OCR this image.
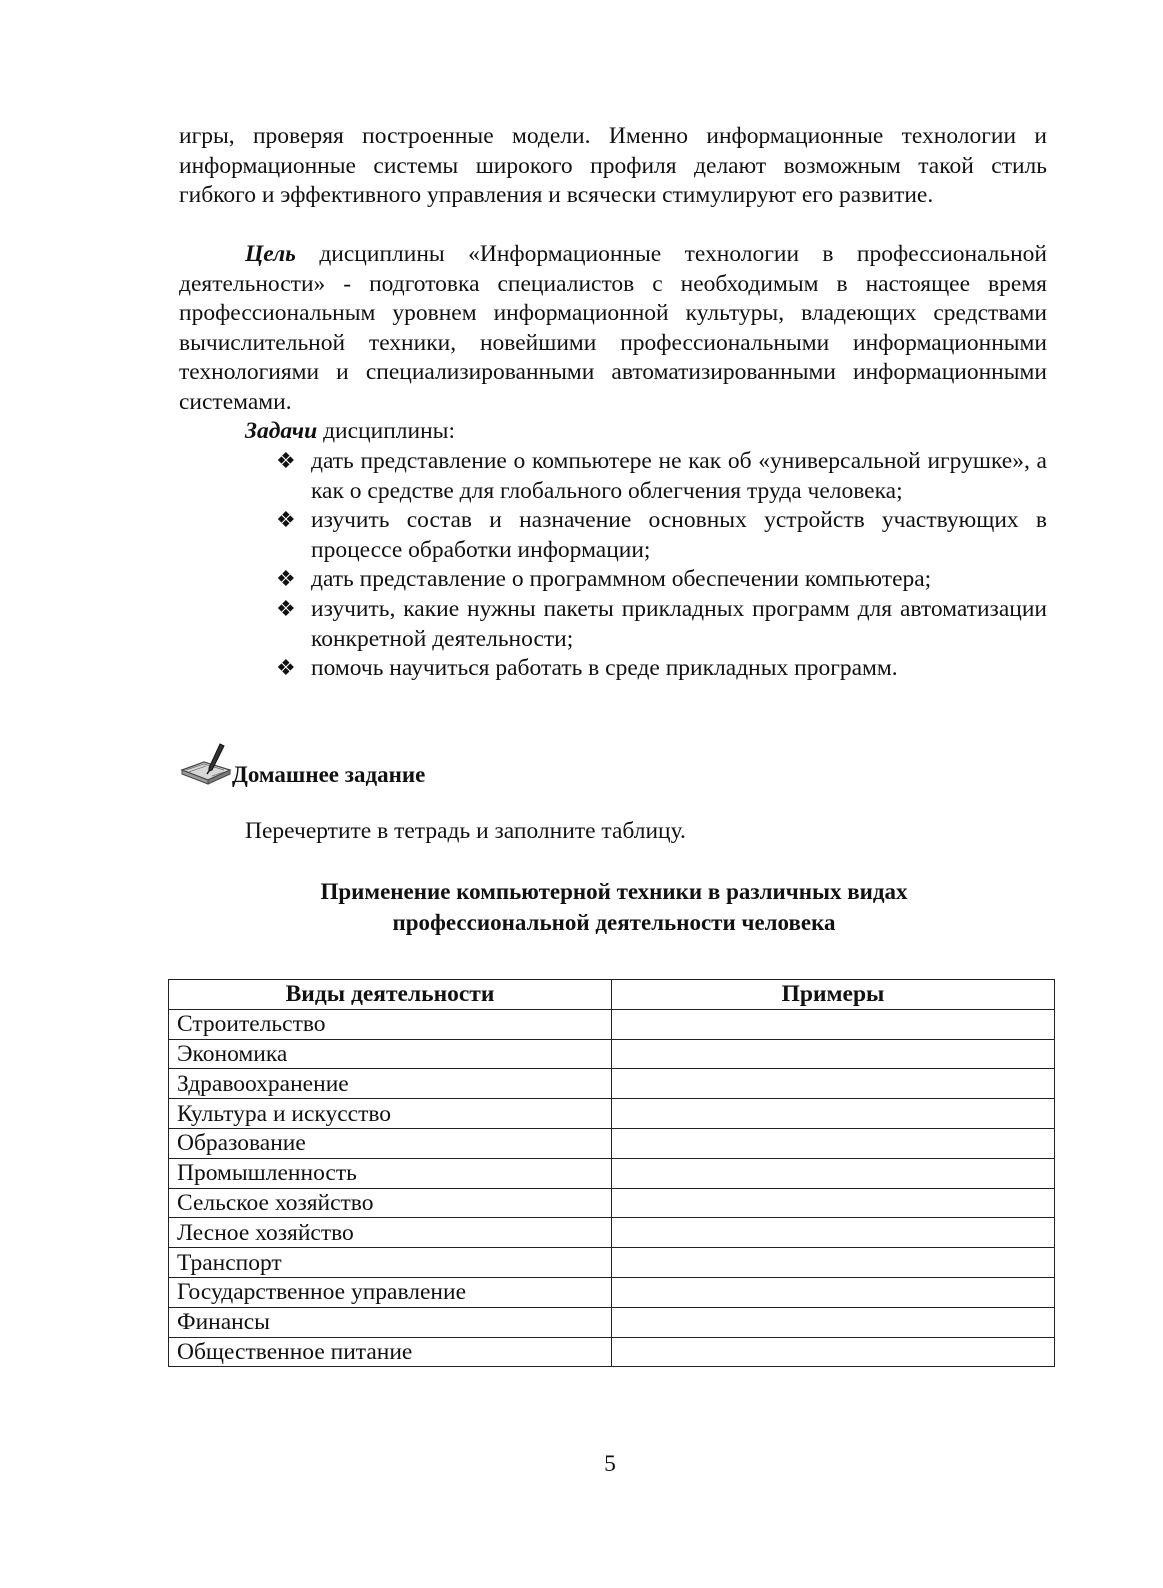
игры, проверяя построенные модели. Именно информационные технологии и информационные системы широкого профиля делают возможным такой стиль гибкого и эффективного управления и всячески стимулируют его развитие.
Цель дисциплины «Информационные технологии в профессиональной деятельности» - подготовка специалистов с необходимым в настоящее время профессиональным уровнем информационной культуры, владеющих средствами вычислительной техники, новейшими профессиональными информационными технологиями и специализированными автоматизированными информационными системами.
Задачи дисциплины:
❖ дать представление о компьютере не как об «универсальной игрушке», а как о средстве для глобального облегчения труда человека;
❖ изучить состав и назначение основных устройств участвующих в процессе обработки информации;
❖ дать представление о программном обеспечении компьютера;
❖ изучить, какие нужны пакеты прикладных программ для автоматизации конкретной деятельности;
❖ помочь научиться работать в среде прикладных программ.
Домашнее задание
Перечертите в тетрадь и заполните таблицу.
Применение компьютерной техники в различных видах
профессиональной деятельности человека
Виды деятельности	Примеры
Строительство	
Экономика	
Здравоохранение	
Культура и искусство	
Образование	
Промышленность	
Сельское хозяйство	
Лесное хозяйство	
Транспорт	
Государственное управление	
Финансы	
Общественное питание	
5
